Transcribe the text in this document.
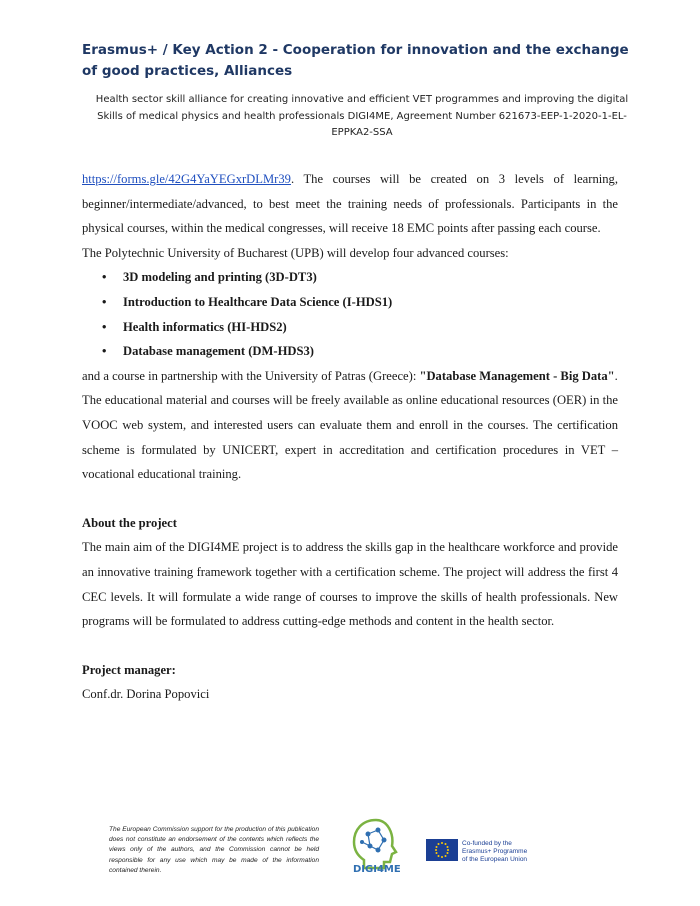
Erasmus+ / Key Action 2 - Cooperation for innovation and the exchange of good practices, Alliances
Health sector skill alliance for creating innovative and efficient VET programmes and improving the digital Skills of medical physics and health professionals DIGI4ME, Agreement Number 621673-EEP-1-2020-1-EL-EPPKA2-SSA

https://forms.gle/42G4YaYEGxrDLMr39. The courses will be created on 3 levels of learning, beginner/intermediate/advanced, to best meet the training needs of professionals. Participants in the physical courses, within the medical congresses, will receive 18 EMC points after passing each course.

The Polytechnic University of Bucharest (UPB) will develop four advanced courses:

• 3D modeling and printing (3D-DT3)
• Introduction to Healthcare Data Science (I-HDS1)
• Health informatics (HI-HDS2)
• Database management (DM-HDS3)

and a course in partnership with the University of Patras (Greece): "Database Management - Big Data".

The educational material and courses will be freely available as online educational resources (OER) in the VOOC web system, and interested users can evaluate them and enroll in the courses. The certification scheme is formulated by UNICERT, expert in accreditation and certification procedures in VET – vocational educational training.

About the project

The main aim of the DIGI4ME project is to address the skills gap in the healthcare workforce and provide an innovative training framework together with a certification scheme. The project will address the first 4 CEC levels. It will formulate a wide range of courses to improve the skills of health professionals. New programs will be formulated to address cutting-edge methods and content in the health sector.

Project manager:

Conf.dr. Dorina Popovici

The European Commission support for the production of this publication does not constitute an endorsement of the contents which reflects the views only of the authors, and the Commission cannot be held responsible for any use which may be made of the information contained therein.	DIGI4ME
Co-funded by the
Erasmus+ Programme
of the European Union
